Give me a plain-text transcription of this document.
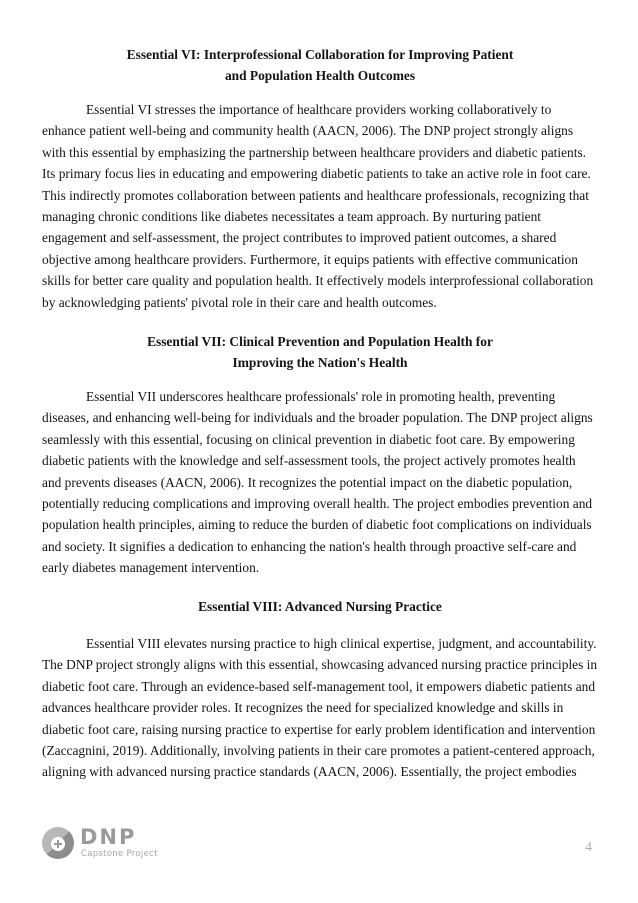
Essential VI: Interprofessional Collaboration for Improving Patient
and Population Health Outcomes
Essential VI stresses the importance of healthcare providers working collaboratively to enhance patient well-being and community health (AACN, 2006). The DNP project strongly aligns with this essential by emphasizing the partnership between healthcare providers and diabetic patients. Its primary focus lies in educating and empowering diabetic patients to take an active role in foot care. This indirectly promotes collaboration between patients and healthcare professionals, recognizing that managing chronic conditions like diabetes necessitates a team approach. By nurturing patient engagement and self-assessment, the project contributes to improved patient outcomes, a shared objective among healthcare providers. Furthermore, it equips patients with effective communication skills for better care quality and population health. It effectively models interprofessional collaboration by acknowledging patients' pivotal role in their care and health outcomes.
Essential VII: Clinical Prevention and Population Health for
Improving the Nation's Health
Essential VII underscores healthcare professionals' role in promoting health, preventing diseases, and enhancing well-being for individuals and the broader population. The DNP project aligns seamlessly with this essential, focusing on clinical prevention in diabetic foot care. By empowering diabetic patients with the knowledge and self-assessment tools, the project actively promotes health and prevents diseases (AACN, 2006). It recognizes the potential impact on the diabetic population, potentially reducing complications and improving overall health. The project embodies prevention and population health principles, aiming to reduce the burden of diabetic foot complications on individuals and society. It signifies a dedication to enhancing the nation's health through proactive self-care and early diabetes management intervention.
Essential VIII: Advanced Nursing Practice
Essential VIII elevates nursing practice to high clinical expertise, judgment, and accountability. The DNP project strongly aligns with this essential, showcasing advanced nursing practice principles in diabetic foot care. Through an evidence-based self-management tool, it empowers diabetic patients and advances healthcare provider roles. It recognizes the need for specialized knowledge and skills in diabetic foot care, raising nursing practice to expertise for early problem identification and intervention (Zaccagnini, 2019). Additionally, involving patients in their care promotes a patient-centered approach, aligning with advanced nursing practice standards (AACN, 2006). Essentially, the project embodies
DNP
Capstone Project	4
